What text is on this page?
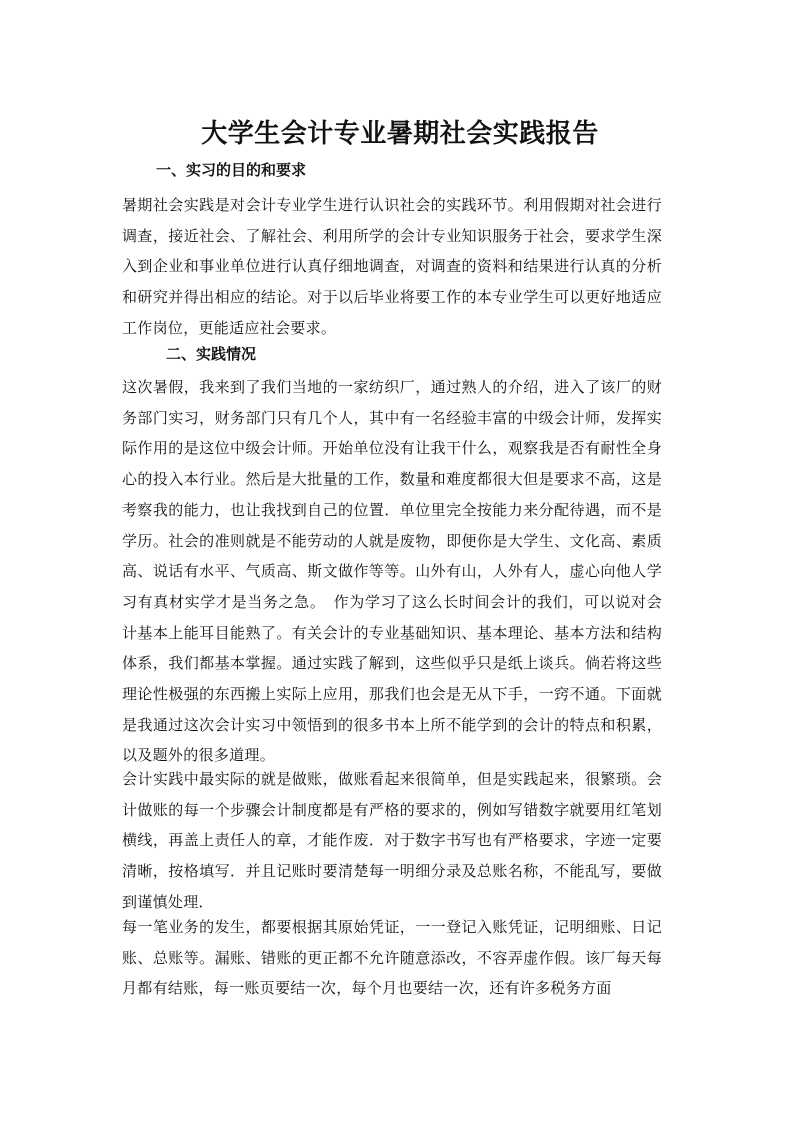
大学生会计专业暑期社会实践报告
一、实习的目的和要求
暑期社会实践是对会计专业学生进行认识社会的实践环节。利用假期对社会进行调查，接近社会、了解社会、利用所学的会计专业知识服务于社会，要求学生深入到企业和事业单位进行认真仔细地调查，对调查的资料和结果进行认真的分析和研究并得出相应的结论。对于以后毕业将要工作的本专业学生可以更好地适应工作岗位，更能适应社会要求。
二、实践情况
这次暑假，我来到了我们当地的一家纺织厂，通过熟人的介绍，进入了该厂的财务部门实习，财务部门只有几个人，其中有一名经验丰富的中级会计师，发挥实际作用的是这位中级会计师。开始单位没有让我干什么，观察我是否有耐性全身心的投入本行业。然后是大批量的工作，数量和难度都很大但是要求不高，这是考察我的能力，也让我找到自己的位置．单位里完全按能力来分配待遇，而不是学历。社会的准则就是不能劳动的人就是废物，即便你是大学生、文化高、素质高、说话有水平、气质高、斯文做作等等。山外有山，人外有人，虚心向他人学习有真材实学才是当务之急。　作为学习了这么长时间会计的我们，可以说对会计基本上能耳目能熟了。有关会计的专业基础知识、基本理论、基本方法和结构体系，我们都基本掌握。通过实践了解到，这些似乎只是纸上谈兵。倘若将这些理论性极强的东西搬上实际上应用，那我们也会是无从下手，一窍不通。下面就是我通过这次会计实习中领悟到的很多书本上所不能学到的会计的特点和积累，以及题外的很多道理。
会计实践中最实际的就是做账，做账看起来很简单，但是实践起来，很繁琐。会计做账的每一个步骤会计制度都是有严格的要求的，例如写错数字就要用红笔划横线，再盖上责任人的章，才能作废．对于数字书写也有严格要求，字迹一定要清晰，按格填写．并且记账时要清楚每一明细分录及总账名称，不能乱写，要做到谨慎处理．
每一笔业务的发生，都要根据其原始凭证，一一登记入账凭证，记明细账、日记账、总账等。漏账、错账的更正都不允许随意添改，不容弄虚作假。该厂每天每月都有结账，每一账页要结一次，每个月也要结一次，还有许多税务方面
